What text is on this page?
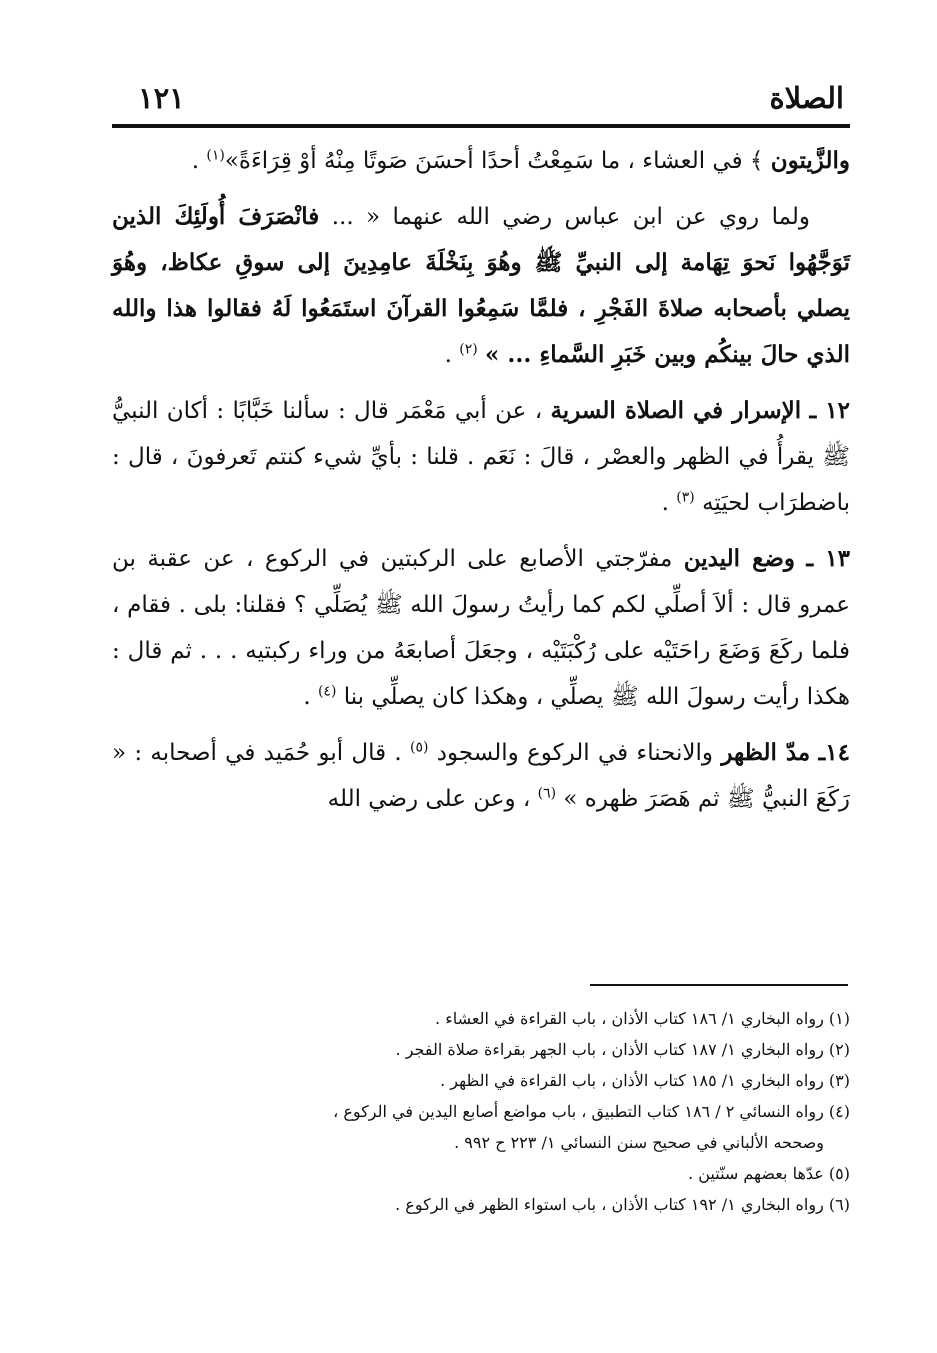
الصلاة
١٢١

والزَّيتون ﴾ في العشاء ، ما سَمِعْتُ أحدًا أحسَنَ صَوتًا مِنْهُ أوْ قِرَاءَةً»$^{(١)}$ .

ولما روي عن ابن عباس رضي الله عنهما « ... فانْصَرَفَ أُولَئِكَ الذين تَوَجَّهُوا نَحوَ تِهَامة إلى النبيِّ ﷺ وهُوَ بِنَخْلَةَ عامِدِينَ إلى سوقِ عكاظ، وهُوَ يصلي بأصحابه صلاةَ الفَجْرِ ، فلمَّا سَمِعُوا القرآنَ استَمَعُوا لَهُ فقالوا هذا والله الذي حالَ بينكُم وبين خَبَرِ السَّماءِ ... » $^{(٢)}$ .

١٢ ـ الإسرار في الصلاة السرية ، عن أبي مَعْمَر قال : سألنا خَبَّابًا : أكان النبيُّ ﷺ يقرأُ في الظهر والعصْر ، قالَ : نَعَم . قلنا : بأيِّ شيء كنتم تَعرفونَ ، قال : باضطرَاب لحيَتِه $^{(٣)}$ .

١٣ ـ وضع اليدين مفرّجتي الأصابع على الركبتين في الركوع ، عن عقبة بن عمرو قال : ألاَ أصلِّي لكم كما رأيتُ رسولَ الله ﷺ يُصَلِّي ؟ فقلنا: بلى . فقام ، فلما ركَعَ وَضَعَ راحَتَيْه على رُكْبَتَيْه ، وجعَلَ أصابعَهُ من وراء ركبتيه . . . ثم قال : هكذا رأيت رسولَ الله ﷺ يصلِّي ، وهكذا كان يصلِّي بنا $^{(٤)}$ .

١٤ـ مدّ الظهر والانحناء في الركوع والسجود $^{(٥)}$ . قال أبو حُمَيد في أصحابه : « رَكَعَ النبيُّ ﷺ ثم هَصَرَ ظهره » $^{(٦)}$ ، وعن على رضي الله

(١) رواه البخاري ١/ ١٨٦ كتاب الأذان ، باب القراءة في العشاء .

(٢) رواه البخاري ١/ ١٨٧ كتاب الأذان ، باب الجهر بقراءة صلاة الفجر .

(٣) رواه البخاري ١/ ١٨٥ كتاب الأذان ، باب القراءة في الظهر .

(٤) رواه النسائي ٢ / ١٨٦ كتاب التطبيق ، باب مواضع أصابع اليدين في الركوع ،

وصححه الألباني في صحيح سنن النسائي ١/ ٢٢٣ ح ٩٩٢ .

(٥) عدّها بعضهم سنّتين .

(٦) رواه البخاري ١/ ١٩٢ كتاب الأذان ، باب استواء الظهر في الركوع .
